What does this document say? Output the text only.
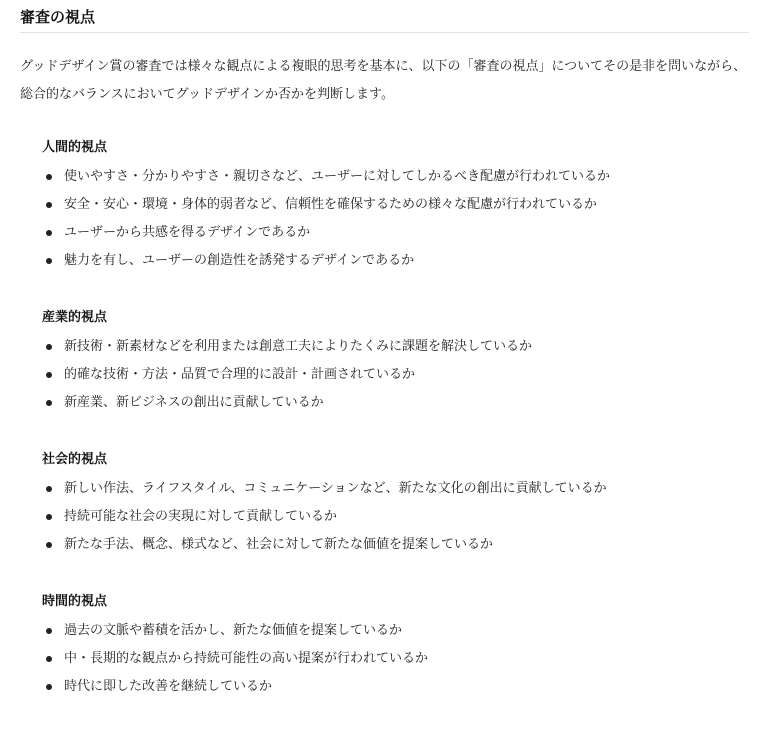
審査の視点

グッドデザイン賞の審査では様々な観点による複眼的思考を基本に、以下の「審査の視点」についてその是非を問いながら、総合的なバランスにおいてグッドデザインか否かを判断します。

人間的視点
使いやすさ・分かりやすさ・親切さなど、ユーザーに対してしかるべき配慮が行われているか
安全・安心・環境・身体的弱者など、信頼性を確保するための様々な配慮が行われているか
ユーザーから共感を得るデザインであるか
魅力を有し、ユーザーの創造性を誘発するデザインであるか
産業的視点
新技術・新素材などを利用または創意工夫によりたくみに課題を解決しているか
的確な技術・方法・品質で合理的に設計・計画されているか
新産業、新ビジネスの創出に貢献しているか
社会的視点
新しい作法、ライフスタイル、コミュニケーションなど、新たな文化の創出に貢献しているか
持続可能な社会の実現に対して貢献しているか
新たな手法、概念、様式など、社会に対して新たな価値を提案しているか
時間的視点
過去の文脈や蓄積を活かし、新たな価値を提案しているか
中・長期的な観点から持続可能性の高い提案が行われているか
時代に即した改善を継続しているか
